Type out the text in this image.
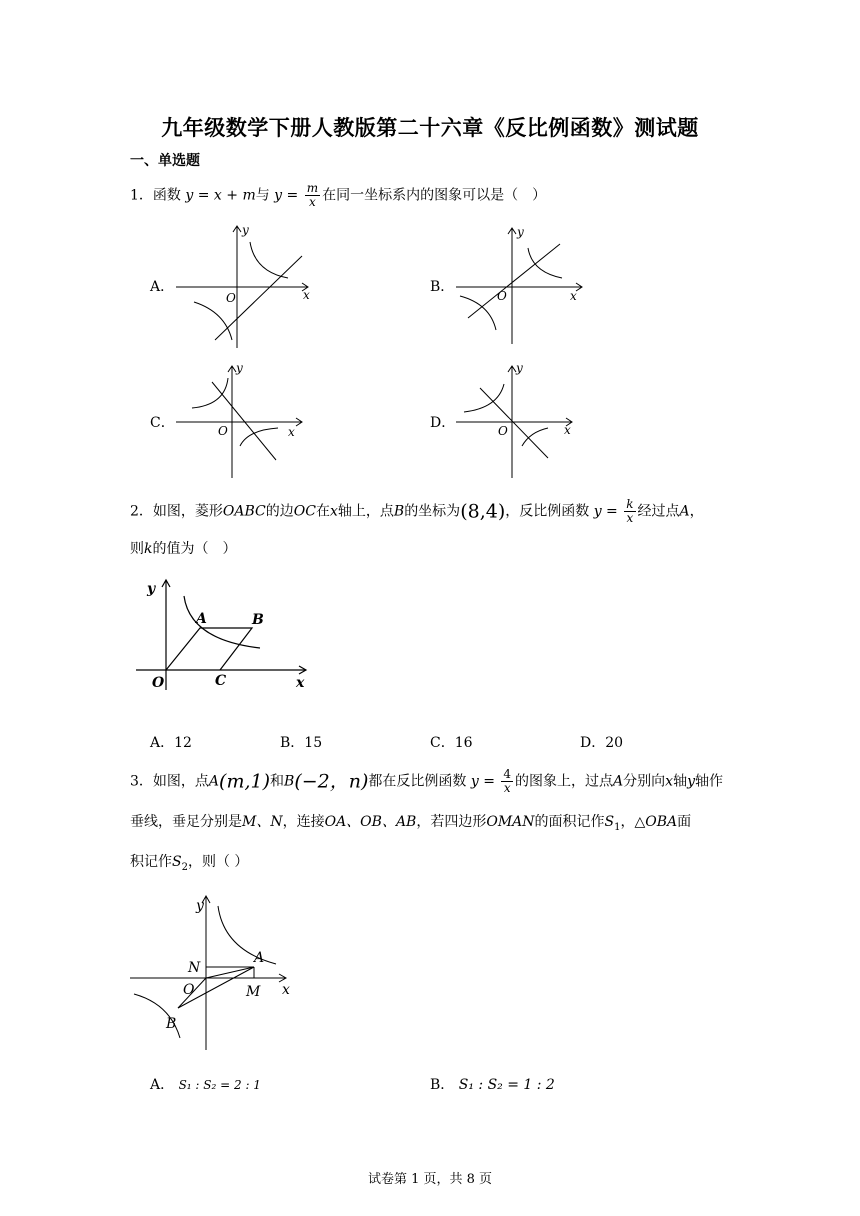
九年级数学下册人教版第二十六章《反比例函数》测试题
一、单选题
1．函数 y = x + m与 $y = \frac{m}{x}$ 在同一坐标系内的图象可以是（　）
A．	B．
C．	D．
O	x
y
O	x
y
O	x
y
O	x
y
2．如图，菱形OABC的边OC在x轴上，点B的坐标为(8,4)，反比例函数 $y = \frac{k}{x}$ 经过点A，
则k的值为（　）
y
O
A	B
C	x
A．12	B．15	C．16	D．20
3．如图，点A(m,1)和B(−2，n)都在反比例函数 $y = \frac{4}{x}$ 的图象上，过点A分别向x轴y轴作
垂线，垂足分别是M、N，连接OA、OB、AB，若四边形OMAN的面积记作$S_1$，△OBA面
积记作$S_2$，则（ ）
y
N
A
O	M x
B
A． S₁ : S₂ = 2 : 1	B． S₁ : S₂ = 1 : 2
试卷第 1 页，共 8 页
